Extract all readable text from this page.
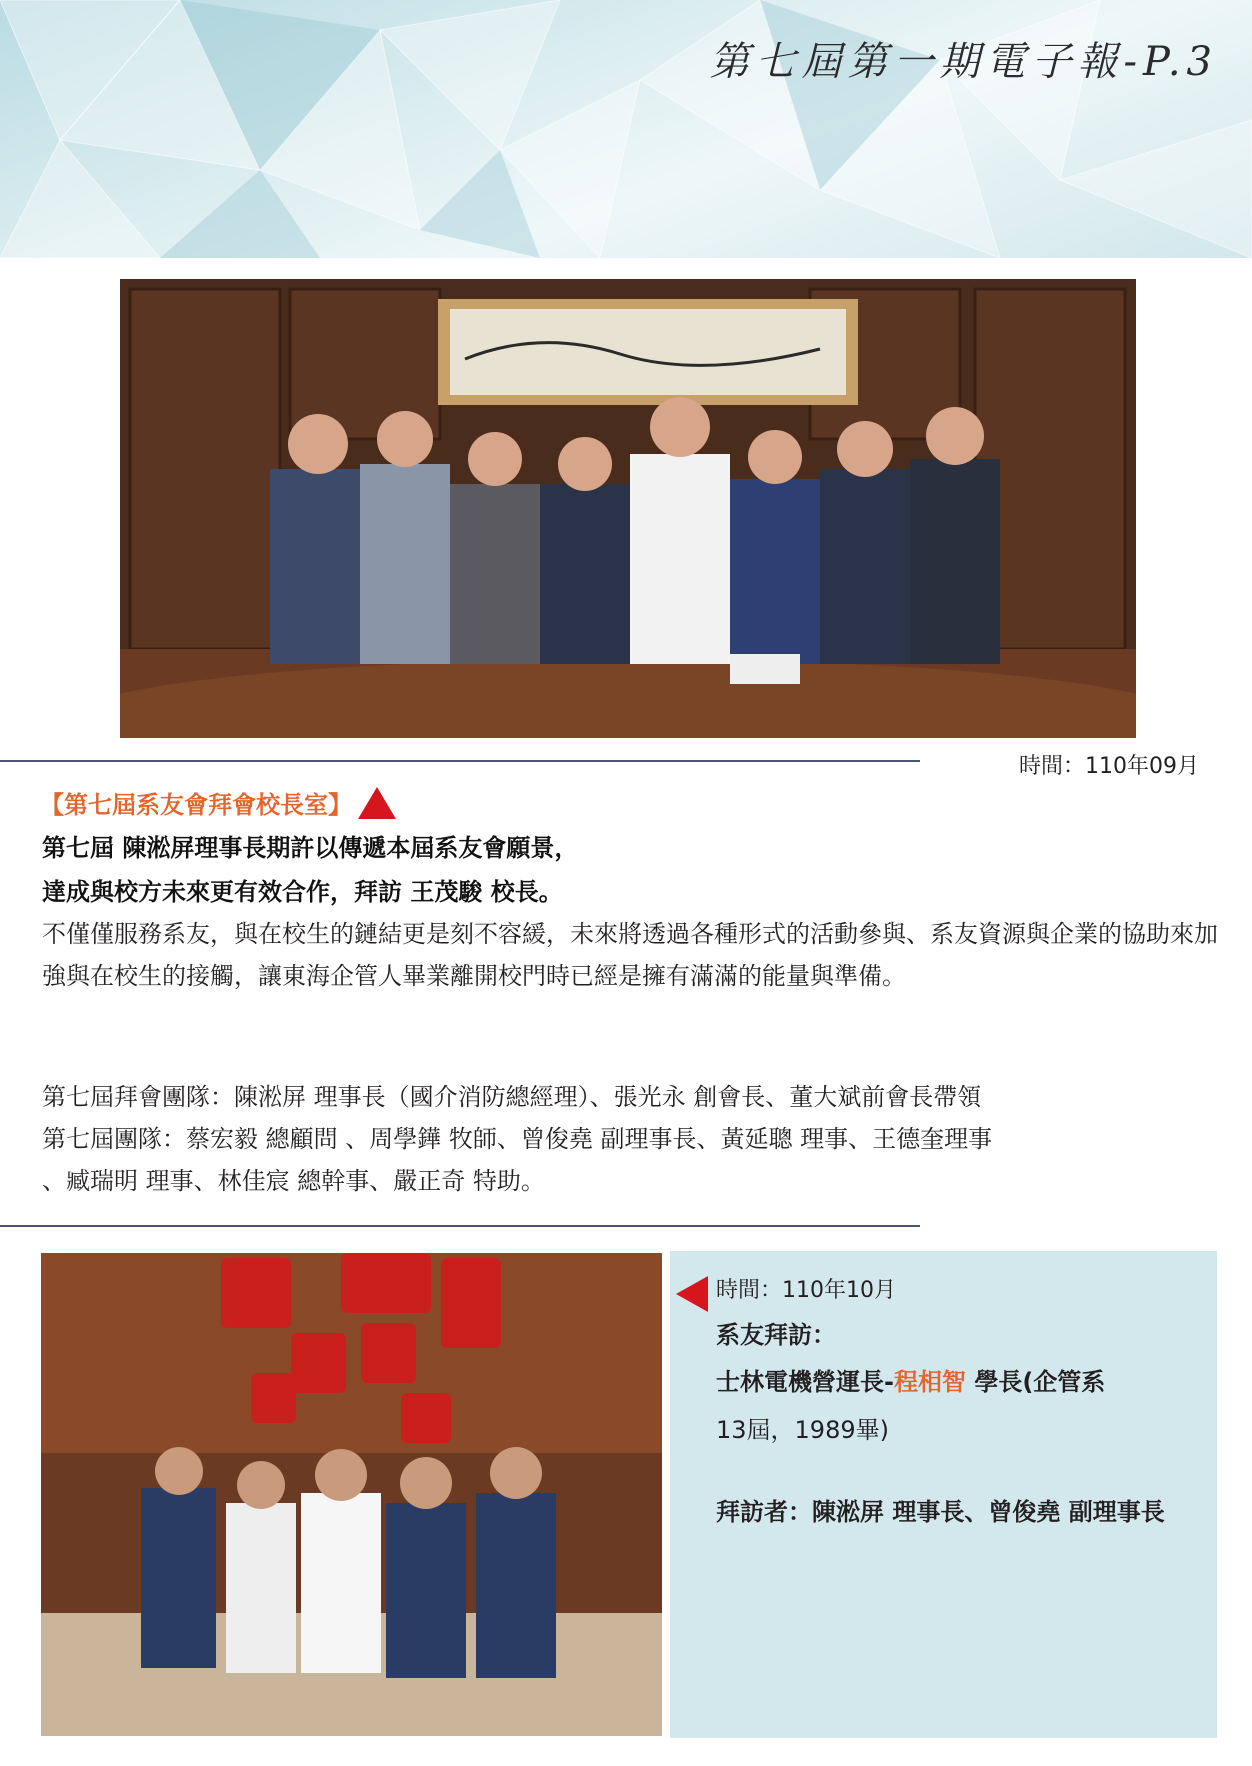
第七屆第一期電子報-P.3
時間：110年09月
【第七屆系友會拜會校長室】
第七屆 陳淞屏理事長期許以傳遞本屆系友會願景，
達成與校方未來更有效合作，拜訪 王茂駿 校長。
不僅僅服務系友，與在校生的鏈結更是刻不容緩，未來將透過各種形式的活動參與、系友資源與企業的協助來加強與在校生的接觸，讓東海企管人畢業離開校門時已經是擁有滿滿的能量與準備。
第七屆拜會團隊：陳淞屏 理事長（國介消防總經理）、張光永 創會長、董大斌前會長帶領
第七屆團隊：蔡宏毅 總顧問 、周學鏵 牧師、曾俊堯 副理事長、黃延聰 理事、王德奎理事
、臧瑞明 理事、林佳宸 總幹事、嚴正奇 特助。
時間：110年10月
系友拜訪：
士林電機營運長-程相智 學長(企管系
13屆，1989畢)
拜訪者：陳淞屏 理事長、曾俊堯 副理事長
